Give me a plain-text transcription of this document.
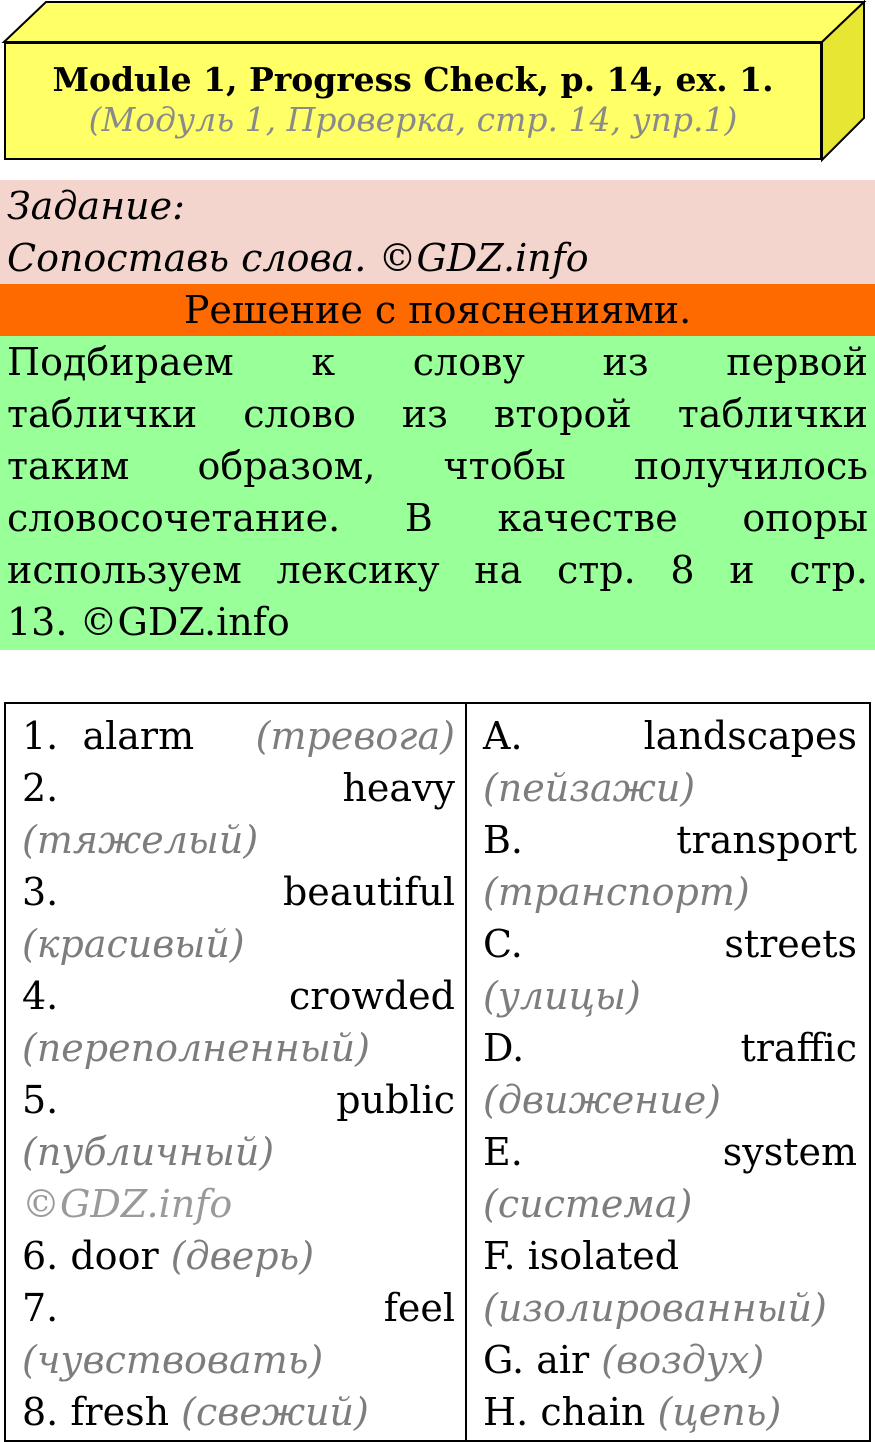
Module 1, Progress Check, p. 14, ex. 1.
(Модуль 1, Проверка, стр. 14, упр.1)
Задание:
Сопоставь слова. ©GDZ.info
Решение с пояснениями.
Подбираем к слову из первой
таблички слово из второй таблички
таким образом, чтобы получилось
словосочетание. В качестве опоры
используем лексику на стр. 8 и стр.
13. ©GDZ.info
1. alarm (тревога)
2.	heavy
(тяжелый)
3.	beautiful
(красивый)
4.	crowded
(переполненный)
5.	public
(публичный)
©GDZ.info
6. door (дверь)
7.	feel
(чувствовать)
8. fresh (свежий)
A.	landscapes
(пейзажи)
B.	transport
(транспорт)
C.	streets
(улицы)
D.	traffic
(движение)
E.	system
(система)
F. isolated
(изолированный)
G. air (воздух)
H. chain (цепь)
